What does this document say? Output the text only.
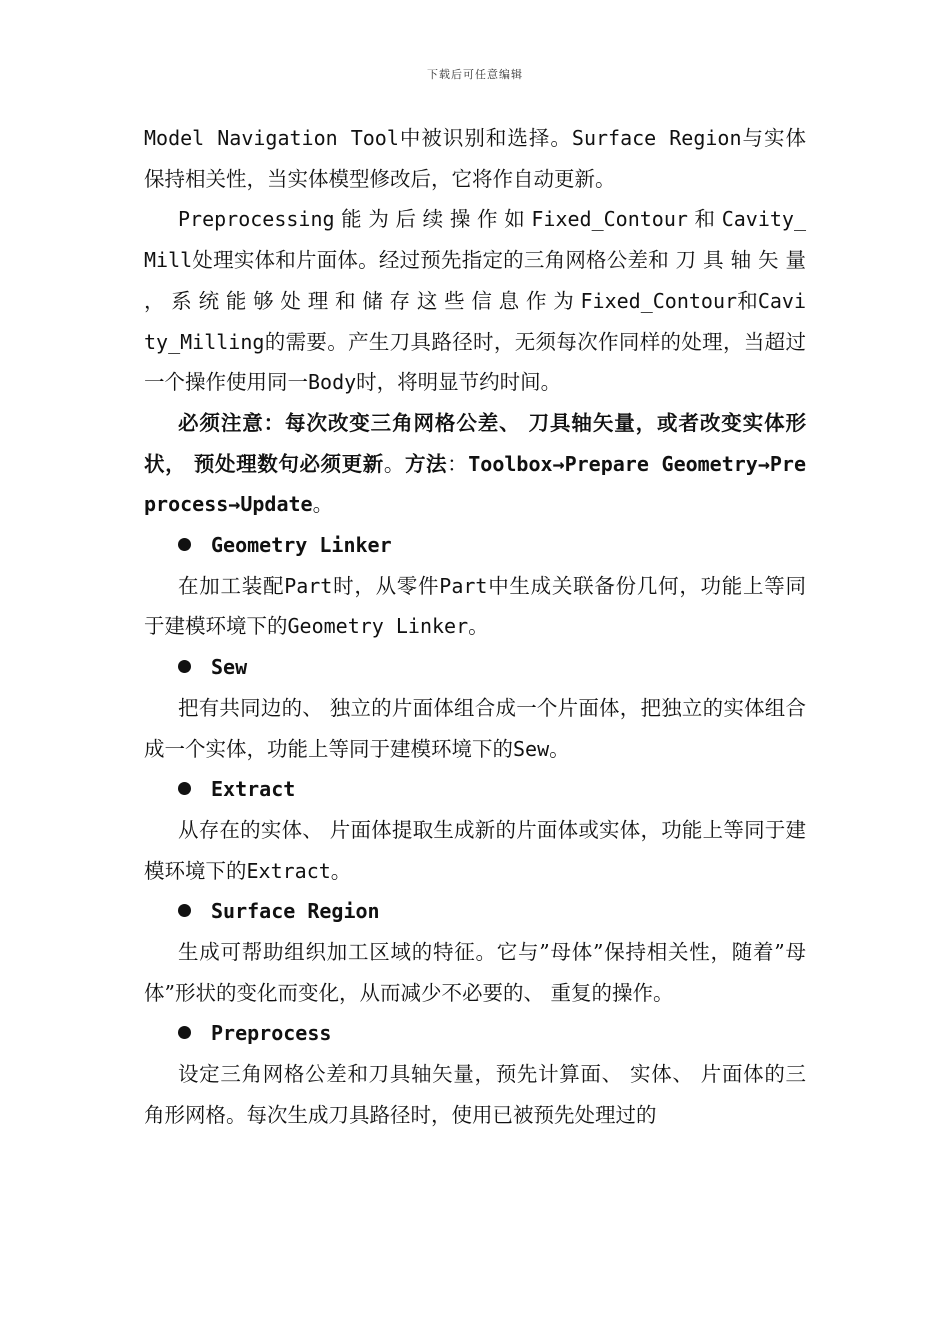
下载后可任意编辑

Model Navigation Tool中被识别和选择。Surface Region与实体保持相关性，当实体模型修改后，它将作自动更新。

Preprocessing 能 为 后 续 操 作 如 Fixed_Contour 和 Cavity_Mill处理实体和片面体。经过预先指定的三角网格公差和 刀 具 轴 矢 量 ， 系 统 能 够 处 理 和 储 存 这 些 信 息 作 为 Fixed_Contour和Cavity_Milling的需要。产生刀具路径时，无须每次作同样的处理，当超过一个操作使用同一Body时，将明显节约时间。

必须注意：每次改变三角网格公差、 刀具轴矢量，或者改变实体形状， 预处理数句必须更新。方法：Toolbox→Prepare Geometry→Preprocess→Update。

Geometry Linker

在加工装配Part时，从零件Part中生成关联备份几何，功能上等同于建模环境下的Geometry Linker。

Sew

把有共同边的、 独立的片面体组合成一个片面体，把独立的实体组合成一个实体，功能上等同于建模环境下的Sew。

Extract

从存在的实体、 片面体提取生成新的片面体或实体，功能上等同于建模环境下的Extract。

Surface Region

生成可帮助组织加工区域的特征。它与”母体”保持相关性，随着”母体”形状的变化而变化，从而减少不必要的、 重复的操作。

Preprocess

设定三角网格公差和刀具轴矢量，预先计算面、 实体、 片面体的三角形网格。每次生成刀具路径时，使用已被预先处理过的
